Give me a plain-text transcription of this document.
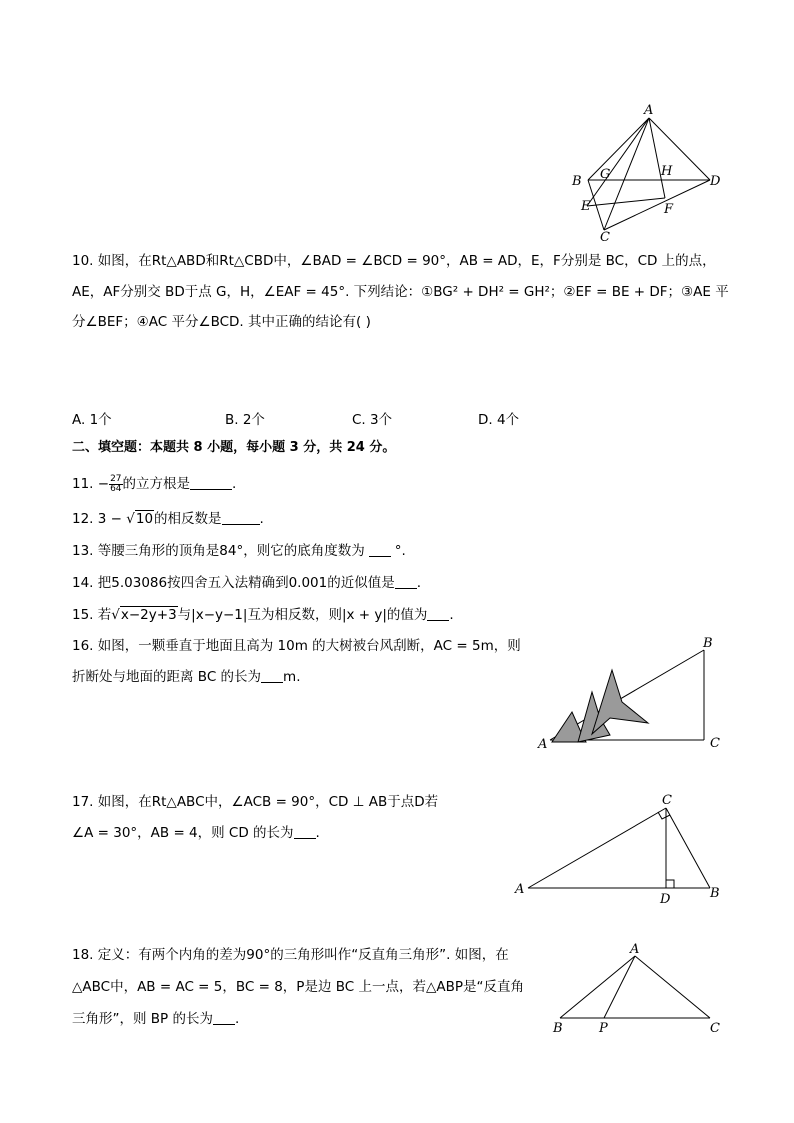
A
B G	H
D
E	F
C
10. 如图，在Rt△ABD和Rt△CBD中，∠BAD = ∠BCD = 90°，AB = AD，E，F分别是 BC，CD 上的点，
AE，AF分别交 BD于点 G，H，∠EAF = 45°. 下列结论：①BG² + DH² = GH²；②EF = BE + DF；③AE 平
分∠BEF；④AC 平分∠BCD. 其中正确的结论有( )
A. 1个	B. 2个	C. 3个	D. 4个
二、填空题：本题共 8 小题，每小题 3 分，共 24 分。
11. − $\frac{27}{64}$ 的立方根是	.
12. 3 − √10的相反数是	.
13. 等腰三角形的顶角是84°，则它的底角度数为 °.
14. 把5.03086按四舍五入法精确到0.001的近似值是 .
15. 若√x−2y+3与|x−y−1|互为相反数，则|x + y|的值为 .
16. 如图，一颗垂直于地面且高为 10m 的大树被台风刮断，AC = 5m，则
折断处与地面的距离 BC 的长为 m.
B
A	C
17. 如图，在Rt△ABC中，∠ACB = 90°，CD ⊥ AB于点D若
∠A = 30°，AB = 4，则 CD 的长为 .
C
A
D	B
18. 定义：有两个内角的差为90°的三角形叫作“反直角三角形”. 如图，在
△ABC中，AB = AC = 5，BC = 8，P是边 BC 上一点，若△ABP是“反直角
三角形”，则 BP 的长为 .
A
B	P	C
